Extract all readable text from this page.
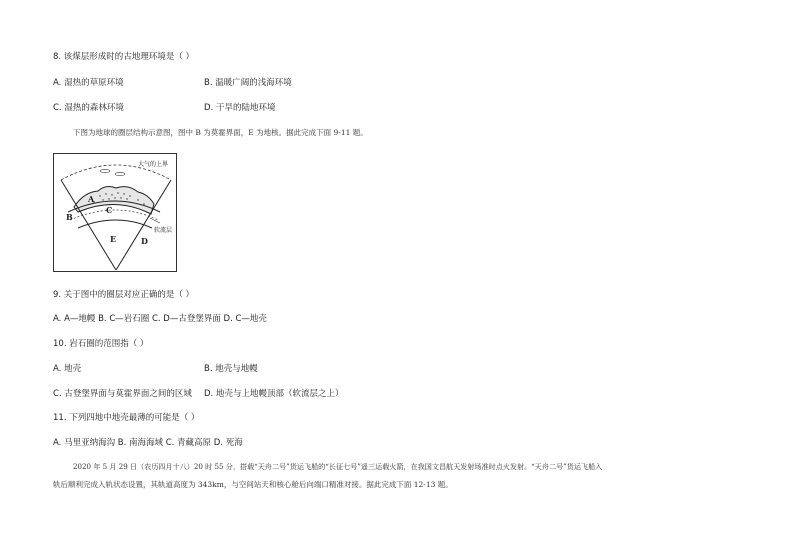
8. 该煤层形成时的古地理环境是（ ）
A. 湿热的草原环境	B. 温暖广阔的浅海环境
C. 湿热的森林环境	D. 干旱的陆地环境
下图为地球的圈层结构示意图，图中 B 为莫霍界面，E 为地核。据此完成下面 9-11 题。
大气的上界
A
B
C
D
E
软流层
9. 关于图中的圈层对应正确的是（ ）
A. A—地幔 B. C—岩石圈 C. D—古登堡界面 D. C—地壳
10. 岩石圈的范围指（ ）
A. 地壳	B. 地壳与地幔
C. 古登堡界面与莫霍界面之间的区域 D. 地壳与上地幔顶部（软流层之上）
11. 下列四地中地壳最薄的可能是（ ）
A. 马里亚纳海沟 B. 南海海域 C. 青藏高原 D. 死海
2020 年 5 月 29 日（农历四月十八）20 时 55 分，搭载“天舟二号”货运飞船的“长征七号”遥三运载火箭，在我国文昌航天发射场准时点火发射。“天舟二号”货运飞船入
轨后顺利完成入轨状态设置，其轨道高度为 343km，与空间站天和核心舱后向端口精准对接。据此完成下面 12-13 题。
